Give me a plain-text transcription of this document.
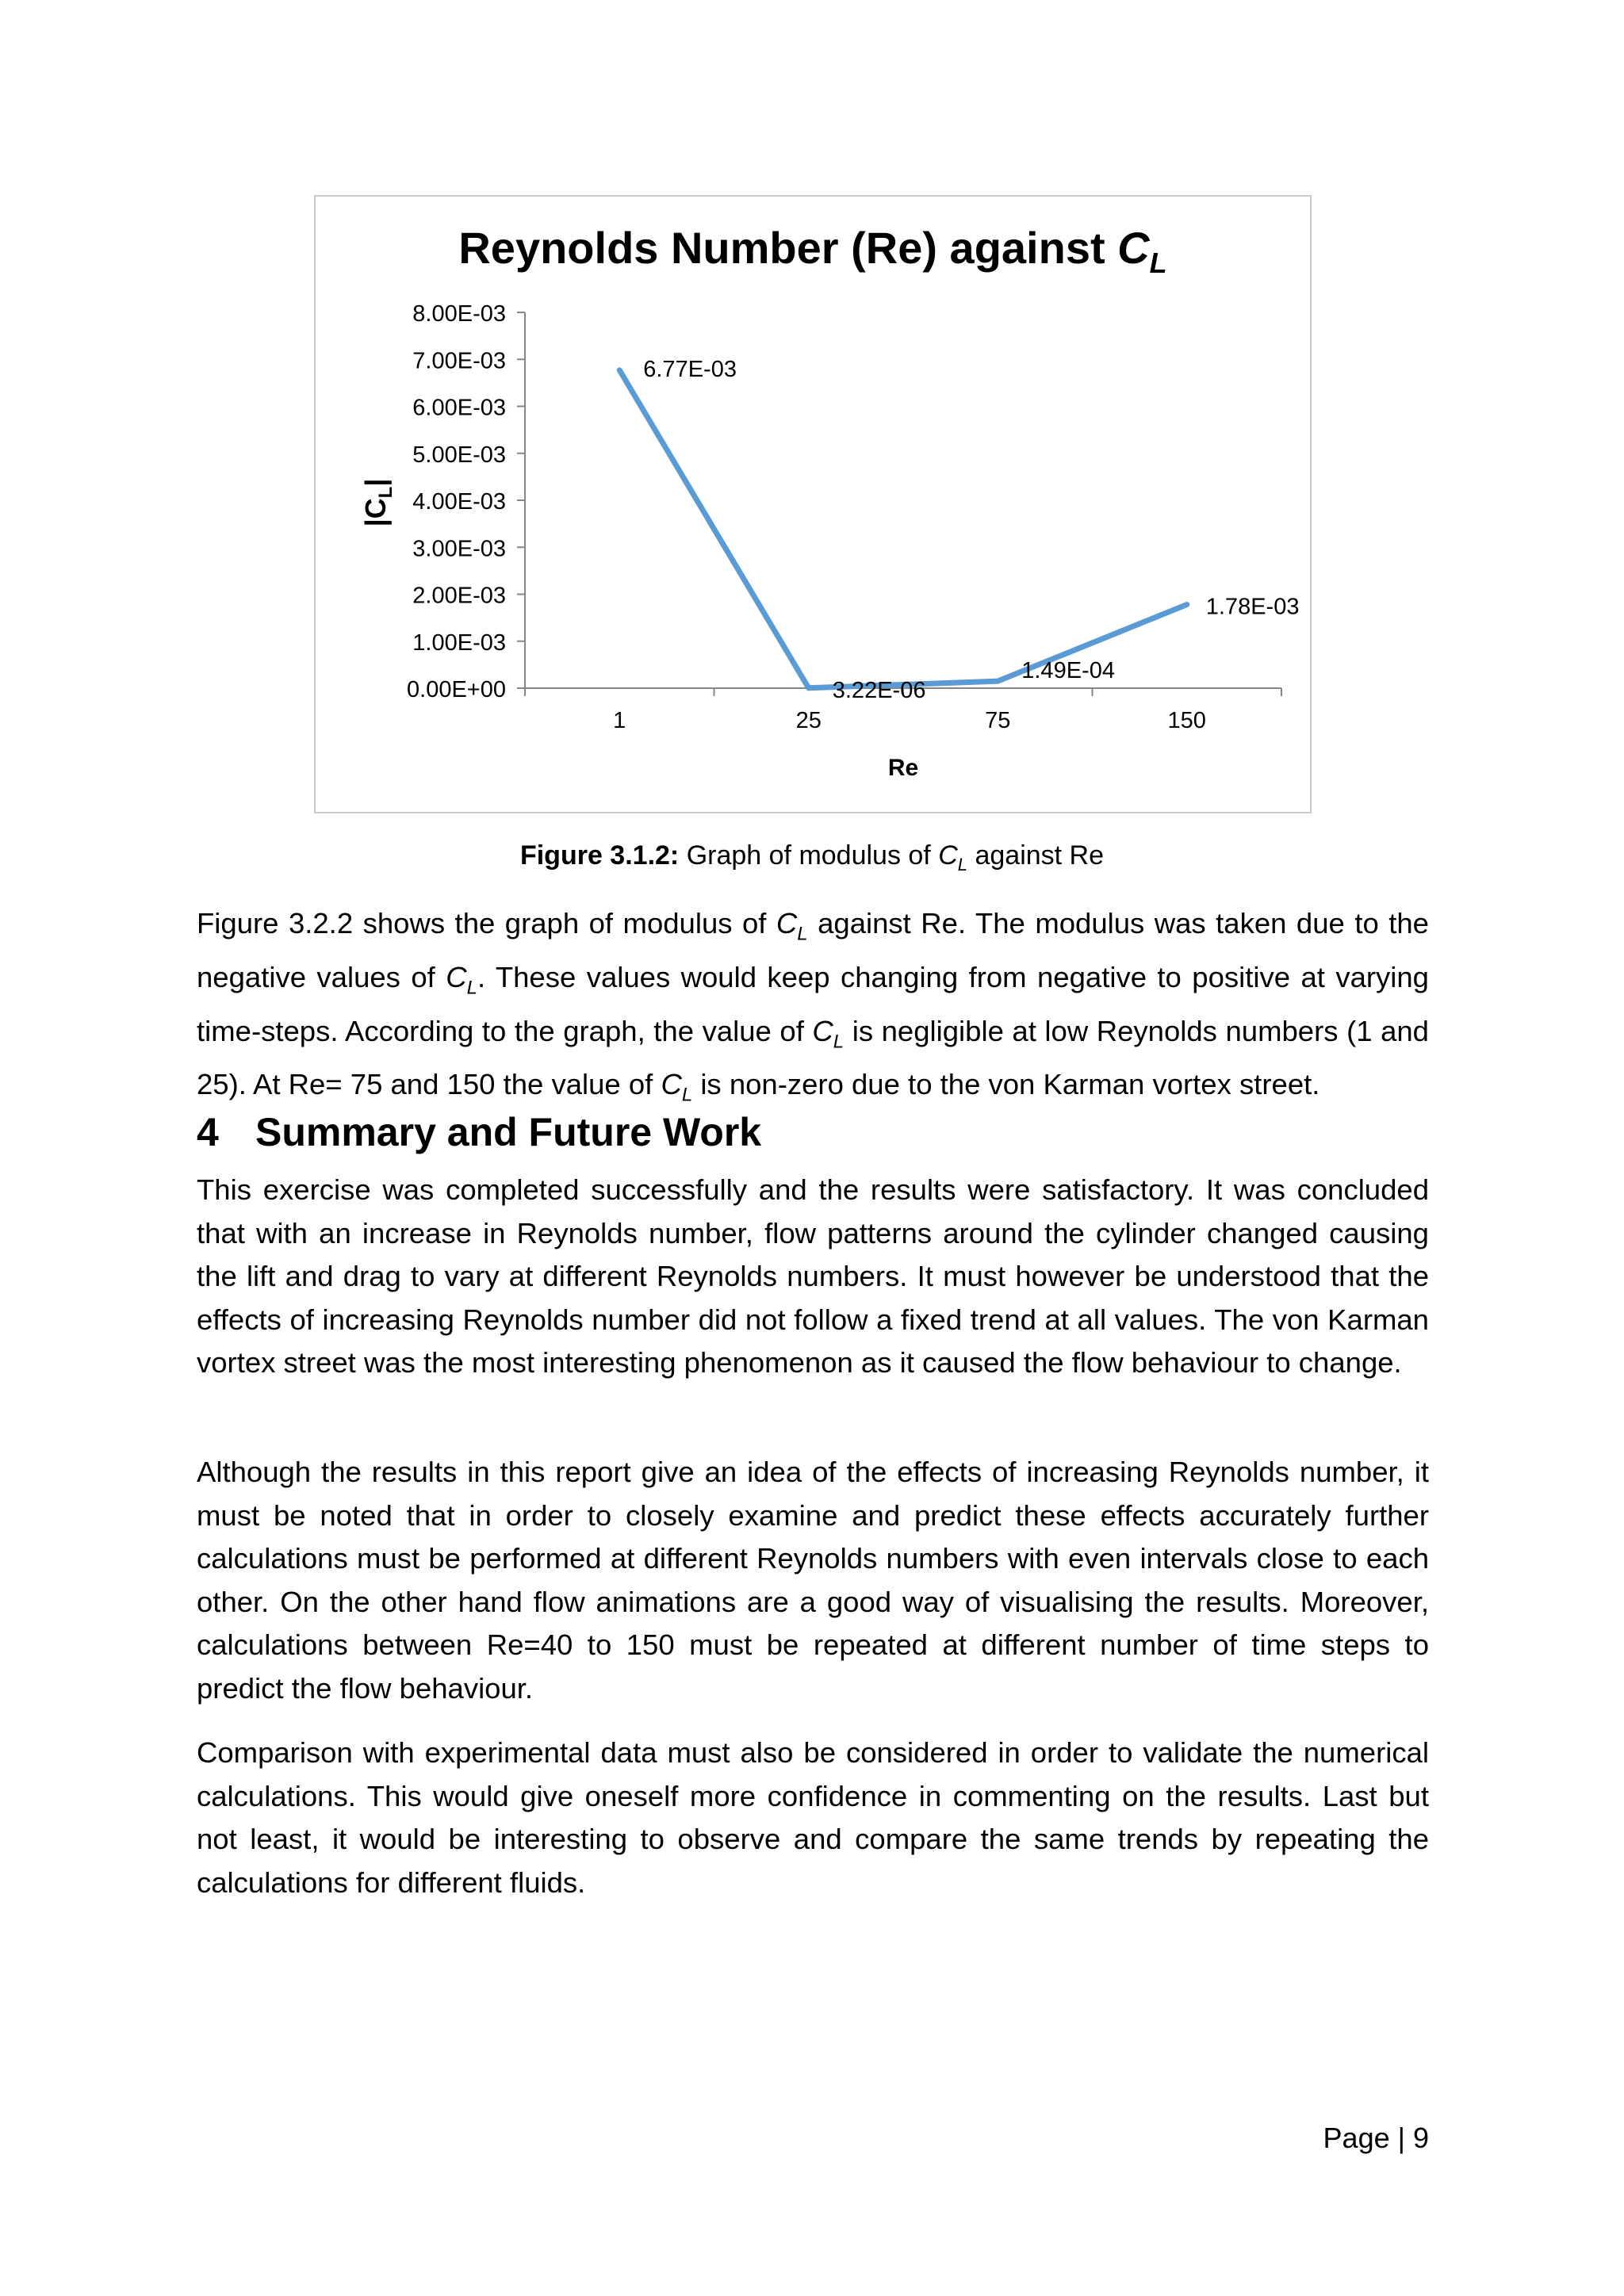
Reynolds Number (Re) against $C_L$
0.00E+00
1.00E-03
2.00E-03
3.00E-03
4.00E-03
5.00E-03
6.00E-03
7.00E-03
8.00E-03
1	25	75	150
Re
$|C_L|$
6.77E-03
3.22E-06
1.49E-04
1.78E-03
Figure 3.1.2: Graph of modulus of $C_L$ against Re

Figure 3.2.2 shows the graph of modulus of $C_L$ against Re. The modulus was taken due to the negative values of $C_L$. These values would keep changing from negative to positive at varying time-steps. According to the graph, the value of $C_L$ is negligible at low Reynolds numbers (1 and 25). At Re= 75 and 150 the value of $C_L$ is non-zero due to the von Karman vortex street.

4 Summary and Future Work

This exercise was completed successfully and the results were satisfactory. It was concluded that with an increase in Reynolds number, flow patterns around the cylinder changed causing the lift and drag to vary at different Reynolds numbers. It must however be understood that the effects of increasing Reynolds number did not follow a fixed trend at all values. The von Karman vortex street was the most interesting phenomenon as it caused the flow behaviour to change.

Although the results in this report give an idea of the effects of increasing Reynolds number, it must be noted that in order to closely examine and predict these effects accurately further calculations must be performed at different Reynolds numbers with even intervals close to each other. On the other hand flow animations are a good way of visualising the results. Moreover, calculations between Re=40 to 150 must be repeated at different number of time steps to predict the flow behaviour.

Comparison with experimental data must also be considered in order to validate the numerical calculations. This would give oneself more confidence in commenting on the results. Last but not least, it would be interesting to observe and compare the same trends by repeating the calculations for different fluids.

Page | 9
